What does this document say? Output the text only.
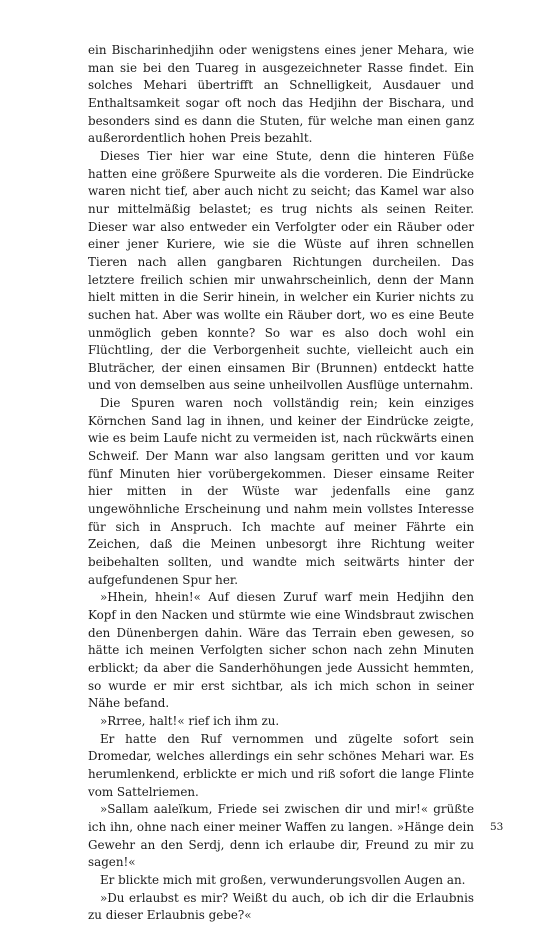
ein Bischarinhedjihn oder wenigstens eines jener Mehara, wie man sie bei den Tuareg in ausgezeichneter Rasse findet. Ein solches Mehari übertrifft an Schnelligkeit, Ausdauer und Enthaltsamkeit sogar oft noch das Hedjihn der Bischara, und besonders sind es dann die Stuten, für welche man einen ganz außerordentlich hohen Preis bezahlt.

Dieses Tier hier war eine Stute, denn die hinteren Füße hatten eine größere Spurweite als die vorderen. Die Eindrücke waren nicht tief, aber auch nicht zu seicht; das Kamel war also nur mittelmäßig belastet; es trug nichts als seinen Reiter. Dieser war also entweder ein Verfolgter oder ein Räuber oder einer jener Kuriere, wie sie die Wüste auf ihren schnellen Tieren nach allen gangbaren Richtungen durcheilen. Das letztere freilich schien mir unwahrscheinlich, denn der Mann hielt mitten in die Serir hinein, in welcher ein Kurier nichts zu suchen hat. Aber was wollte ein Räuber dort, wo es eine Beute unmöglich geben konnte? So war es also doch wohl ein Flüchtling, der die Verborgenheit suchte, vielleicht auch ein Bluträcher, der einen einsamen Bir (Brunnen) entdeckt hatte und von demselben aus seine unheilvollen Ausflüge unternahm.

Die Spuren waren noch vollständig rein; kein einziges Körnchen Sand lag in ihnen, und keiner der Eindrücke zeigte, wie es beim Laufe nicht zu vermeiden ist, nach rückwärts einen Schweif. Der Mann war also langsam geritten und vor kaum fünf Minuten hier vorübergekommen. Dieser einsame Reiter hier mitten in der Wüste war jedenfalls eine ganz ungewöhnliche Erscheinung und nahm mein vollstes Interesse für sich in Anspruch. Ich machte auf meiner Fährte ein Zeichen, daß die Meinen unbesorgt ihre Richtung weiter beibehalten sollten, und wandte mich seitwärts hinter der aufgefundenen Spur her.

»Hhein, hhein!« Auf diesen Zuruf warf mein Hedjihn den Kopf in den Nacken und stürmte wie eine Windsbraut zwischen den Dünenbergen dahin. Wäre das Terrain eben gewesen, so hätte ich meinen Verfolgten sicher schon nach zehn Minuten erblickt; da aber die Sanderhöhungen jede Aussicht hemmten, so wurde er mir erst sichtbar, als ich mich schon in seiner Nähe befand.

»Rrree, halt!« rief ich ihm zu.

Er hatte den Ruf vernommen und zügelte sofort sein Dromedar, welches allerdings ein sehr schönes Mehari war. Es herumlenkend, erblickte er mich und riß sofort die lange Flinte vom Sattelriemen.

»Sallam aaleïkum, Friede sei zwischen dir und mir!« grüßte ich ihn, ohne nach einer meiner Waffen zu langen. »Hänge dein Gewehr an den Serdj, denn ich erlaube dir, Freund zu mir zu sagen!«

Er blickte mich mit großen, verwunderungsvollen Augen an.

»Du erlaubst es mir? Weißt du auch, ob ich dir die Erlaubnis zu dieser Erlaubnis gebe?«

53
